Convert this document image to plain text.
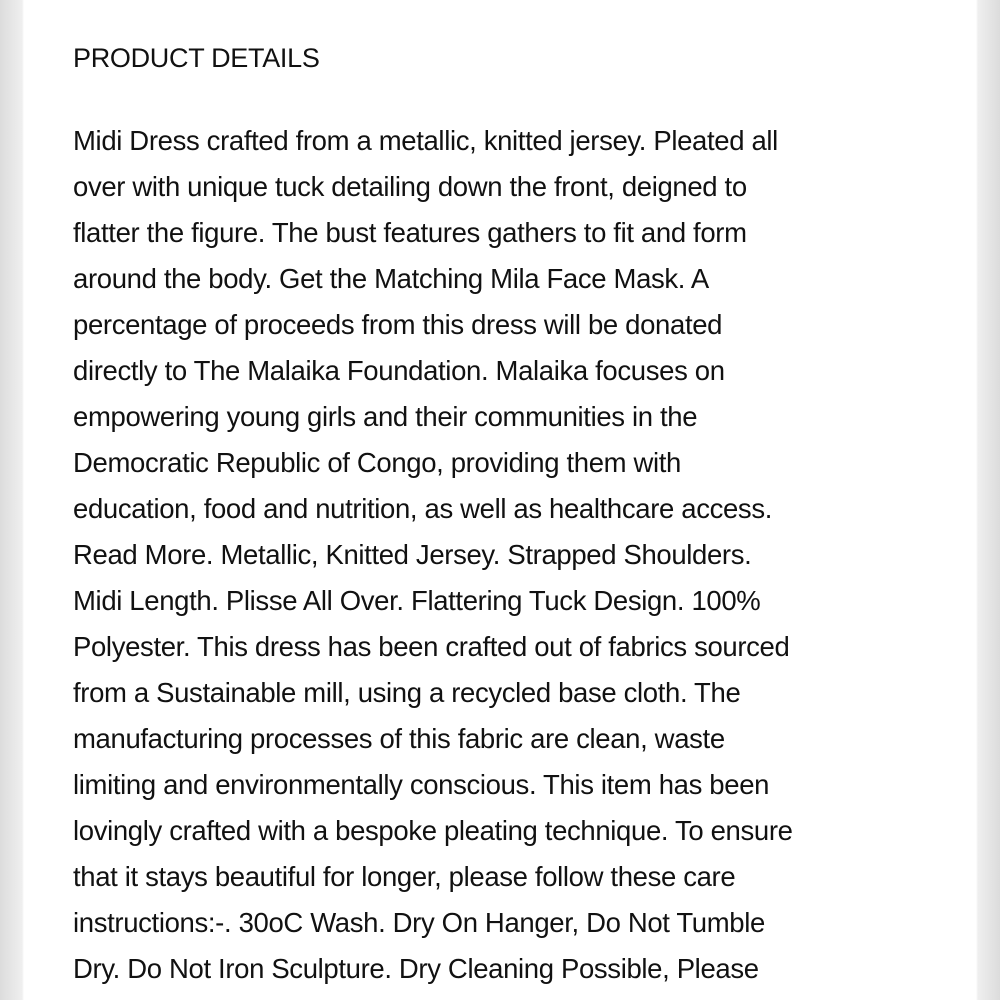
PRODUCT DETAILS

Midi Dress crafted from a metallic, knitted jersey. Pleated all
over with unique tuck detailing down the front, deigned to
flatter the figure. The bust features gathers to fit and form
around the body. Get the Matching Mila Face Mask. A
percentage of proceeds from this dress will be donated
directly to The Malaika Foundation. Malaika focuses on
empowering young girls and their communities in the
Democratic Republic of Congo, providing them with
education, food and nutrition, as well as healthcare access.
Read More. Metallic, Knitted Jersey. Strapped Shoulders.
Midi Length. Plisse All Over. Flattering Tuck Design. 100%
Polyester. This dress has been crafted out of fabrics sourced
from a Sustainable mill, using a recycled base cloth. The
manufacturing processes of this fabric are clean, waste
limiting and environmentally conscious. This item has been
lovingly crafted with a bespoke pleating technique. To ensure
that it stays beautiful for longer, please follow these care
instructions:-. 30oC Wash. Dry On Hanger, Do Not Tumble
Dry. Do Not Iron Sculpture. Dry Cleaning Possible, Please
